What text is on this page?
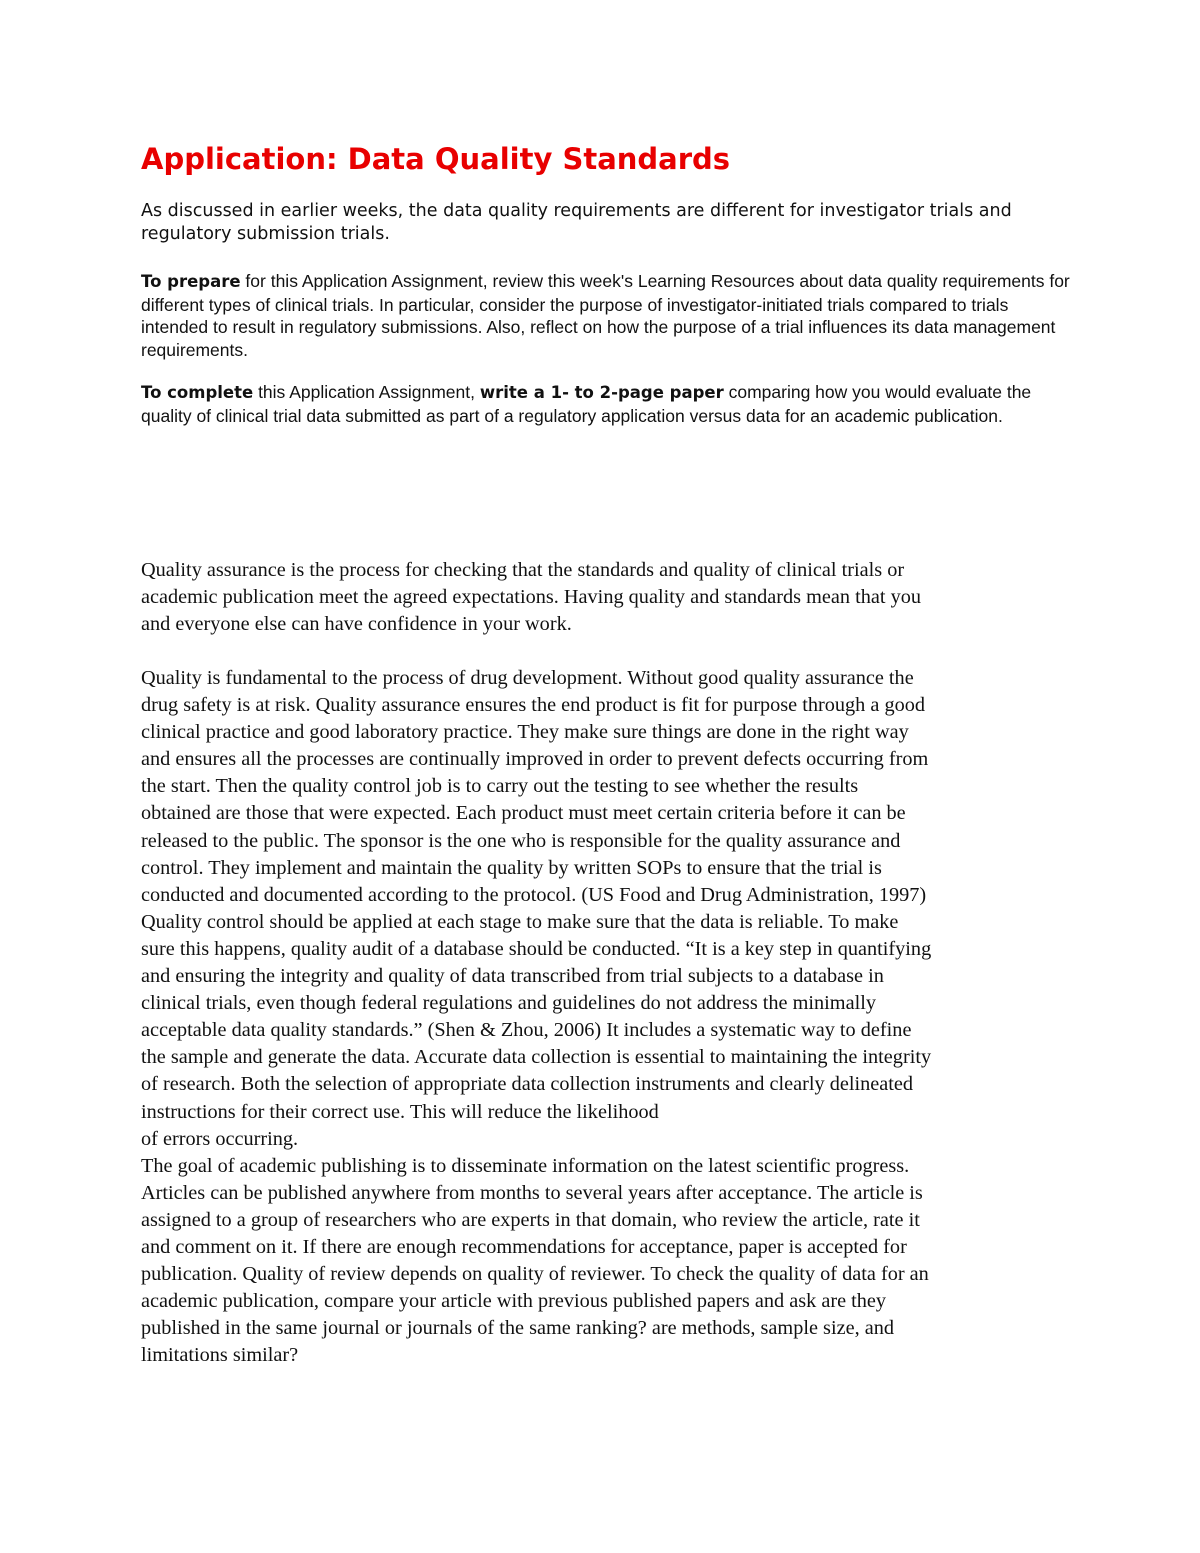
Application: Data Quality Standards

As discussed in earlier weeks, the data quality requirements are different for investigator trials and regulatory submission trials.

To prepare for this Application Assignment, review this week's Learning Resources about data quality requirements for different types of clinical trials. In particular, consider the purpose of investigator-initiated trials compared to trials intended to result in regulatory submissions. Also, reflect on how the purpose of a trial influences its data management requirements.

To complete this Application Assignment, write a 1- to 2-page paper comparing how you would evaluate the quality of clinical trial data submitted as part of a regulatory application versus data for an academic publication.

Quality assurance is the process for checking that the standards and quality of clinical trials or
academic publication meet the agreed expectations. Having quality and standards mean that you
and everyone else can have confidence in your work.
Quality is fundamental to the process of drug development. Without good quality assurance the
drug safety is at risk. Quality assurance ensures the end product is fit for purpose through a good
clinical practice and good laboratory practice. They make sure things are done in the right way
and ensures all the processes are continually improved in order to prevent defects occurring from
the start. Then the quality control job is to carry out the testing to see whether the results
obtained are those that were expected. Each product must meet certain criteria before it can be
released to the public. The sponsor is the one who is responsible for the quality assurance and
control. They implement and maintain the quality by written SOPs to ensure that the trial is
conducted and documented according to the protocol. (US Food and Drug Administration, 1997)
Quality control should be applied at each stage to make sure that the data is reliable. To make
sure this happens, quality audit of a database should be conducted. “It is a key step in quantifying
and ensuring the integrity and quality of data transcribed from trial subjects to a database in
clinical trials, even though federal regulations and guidelines do not address the minimally
acceptable data quality standards.” (Shen & Zhou, 2006) It includes a systematic way to define
the sample and generate the data. Accurate data collection is essential to maintaining the integrity
of research. Both the selection of appropriate data collection instruments and clearly delineated
instructions for their correct use. This will reduce the likelihood
of errors occurring.
The goal of academic publishing is to disseminate information on the latest scientific progress.
Articles can be published anywhere from months to several years after acceptance. The article is
assigned to a group of researchers who are experts in that domain, who review the article, rate it
and comment on it. If there are enough recommendations for acceptance, paper is accepted for
publication. Quality of review depends on quality of reviewer. To check the quality of data for an
academic publication, compare your article with previous published papers and ask are they
published in the same journal or journals of the same ranking? are methods, sample size, and
limitations similar?
